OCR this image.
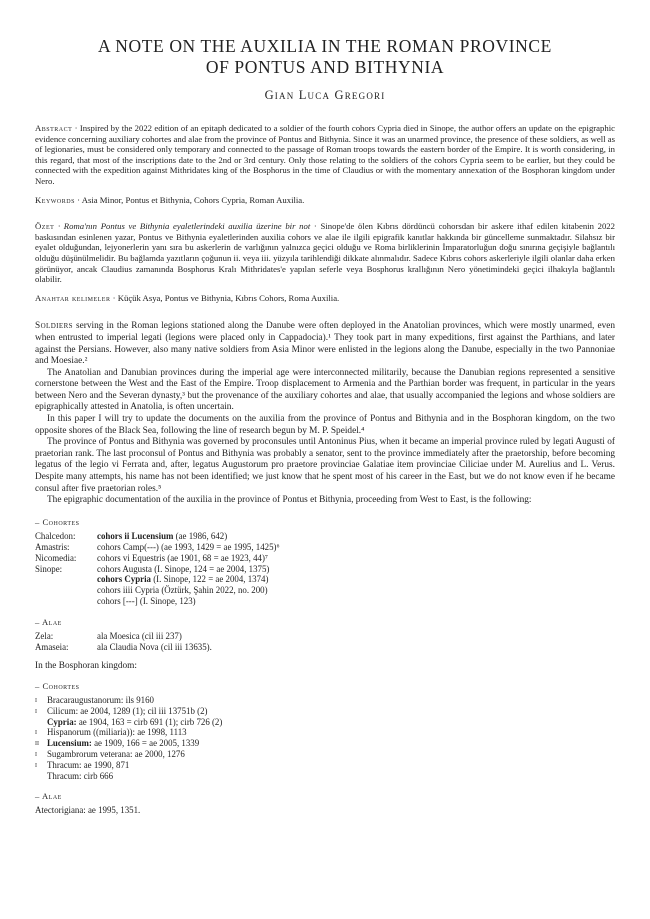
A NOTE ON THE AUXILIA IN THE ROMAN PROVINCE
OF PONTUS AND BITHYNIA
Gian Luca Gregori
Abstract · Inspired by the 2022 edition of an epitaph dedicated to a soldier of the fourth cohors Cypria died in Sinope, the author offers an update on the epigraphic evidence concerning auxiliary cohortes and alae from the province of Pontus and Bithynia. Since it was an unarmed province, the presence of these soldiers, as well as of legionaries, must be considered only temporary and connected to the passage of Roman troops towards the eastern border of the Empire. It is worth considering, in this regard, that most of the inscriptions date to the 2nd or 3rd century. Only those relating to the soldiers of the cohors Cypria seem to be earlier, but they could be connected with the expedition against Mithridates king of the Bosphorus in the time of Claudius or with the momentary annexation of the Bosphoran kingdom under Nero.
Keywords · Asia Minor, Pontus et Bithynia, Cohors Cypria, Roman Auxilia.
Özet · Roma'nın Pontus ve Bithynia eyaletlerindeki auxilia üzerine bir not · Sinope'de ölen Kıbrıs dördüncü cohorsdan bir askere ithaf edilen kitabenin 2022 baskısından esinlenen yazar, Pontus ve Bithynia eyaletlerinden auxilia cohors ve alae ile ilgili epigrafik kanıtlar hakkında bir güncelleme sunmaktadır. Silahsız bir eyalet olduğundan, lejyonerlerin yanı sıra bu askerlerin de varlığının yalnızca geçici olduğu ve Roma birliklerinin İmparatorluğun doğu sınırına geçişiyle bağlantılı olduğu düşünülmelidir. Bu bağlamda yazıtların çoğunun ii. veya iii. yüzyıla tarihlendiği dikkate alınmalıdır. Sadece Kıbrıs cohors askerleriyle ilgili olanlar daha erken görünüyor, ancak Claudius zamanında Bosphorus Kralı Mithridates'e yapılan seferle veya Bosphorus krallığının Nero yönetimindeki geçici ilhakıyla bağlantılı olabilir.
Anahtar kelimeler · Küçük Asya, Pontus ve Bithynia, Kıbrıs Cohors, Roma Auxilia.

Soldiers serving in the Roman legions stationed along the Danube were often deployed in the Anatolian provinces, which were mostly unarmed, even when entrusted to imperial legati (legions were placed only in Cappadocia).¹ They took part in many expeditions, first against the Parthians, and later against the Persians. However, also many native soldiers from Asia Minor were enlisted in the legions along the Danube, especially in the two Pannoniae and Moesiae.²

The Anatolian and Danubian provinces during the imperial age were interconnected militarily, because the Danubian regions represented a sensitive cornerstone between the West and the East of the Empire. Troop displacement to Armenia and the Parthian border was frequent, in particular in the years between Nero and the Severan dynasty,³ but the provenance of the auxiliary cohortes and alae, that usually accompanied the legions and whose soldiers are epigraphically attested in Anatolia, is often uncertain.

In this paper I will try to update the documents on the auxilia from the province of Pontus and Bithynia and in the Bosphoran kingdom, on the two opposite shores of the Black Sea, following the line of research begun by M. P. Speidel.⁴

The province of Pontus and Bithynia was governed by proconsules until Antoninus Pius, when it became an imperial province ruled by legati Augusti of praetorian rank. The last proconsul of Pontus and Bithynia was probably a senator, sent to the province immediately after the praetorship, before becoming legatus of the legio vi Ferrata and, after, legatus Augustorum pro praetore provinciae Galatiae item provinciae Ciliciae under M. Aurelius and L. Verus. Despite many attempts, his name has not been identified; we just know that he spent most of his career in the East, but we do not know even if he became consul after five praetorian roles.⁵

The epigraphic documentation of the auxilia in the province of Pontus et Bithynia, proceeding from West to East, is the following:

– Cohortes
Chalcedon:	cohors ii Lucensium (ae 1986, 642)
Amastris:	cohors Camp(---) (ae 1993, 1429 = ae 1995, 1425)⁶
Nicomedia:	cohors vi Equestris (ae 1901, 68 = ae 1923, 44)⁷
Sinope:	cohors Augusta (I. Sinope, 124 = ae 2004, 1375)
cohors Cypria (I. Sinope, 122 = ae 2004, 1374)
cohors iiii Cypria (Öztürk, Şahin 2022, no. 200)
cohors [---] (I. Sinope, 123)
– Alae
Zela:	ala Moesica (cil iii 237)
Amaseia:	ala Claudia Nova (cil iii 13635).
In the Bosphoran kingdom:
– Cohortes
i	Bracaraugustanorum: ils 9160
i	Cilicum: ae 2004, 1289 (1); cil iii 13751b (2)
Cypria: ae 1904, 163 = cirb 691 (1); cirb 726 (2)
i	Hispanorum ((miliaria)): ae 1998, 1113
ii Lucensium: ae 1909, 166 = ae 2005, 1339
i	Sugambrorum veterana: ae 2000, 1276
i	Thracum: ae 1990, 871
Thracum: cirb 666
– Alae
Atectorigiana: ae 1995, 1351.
